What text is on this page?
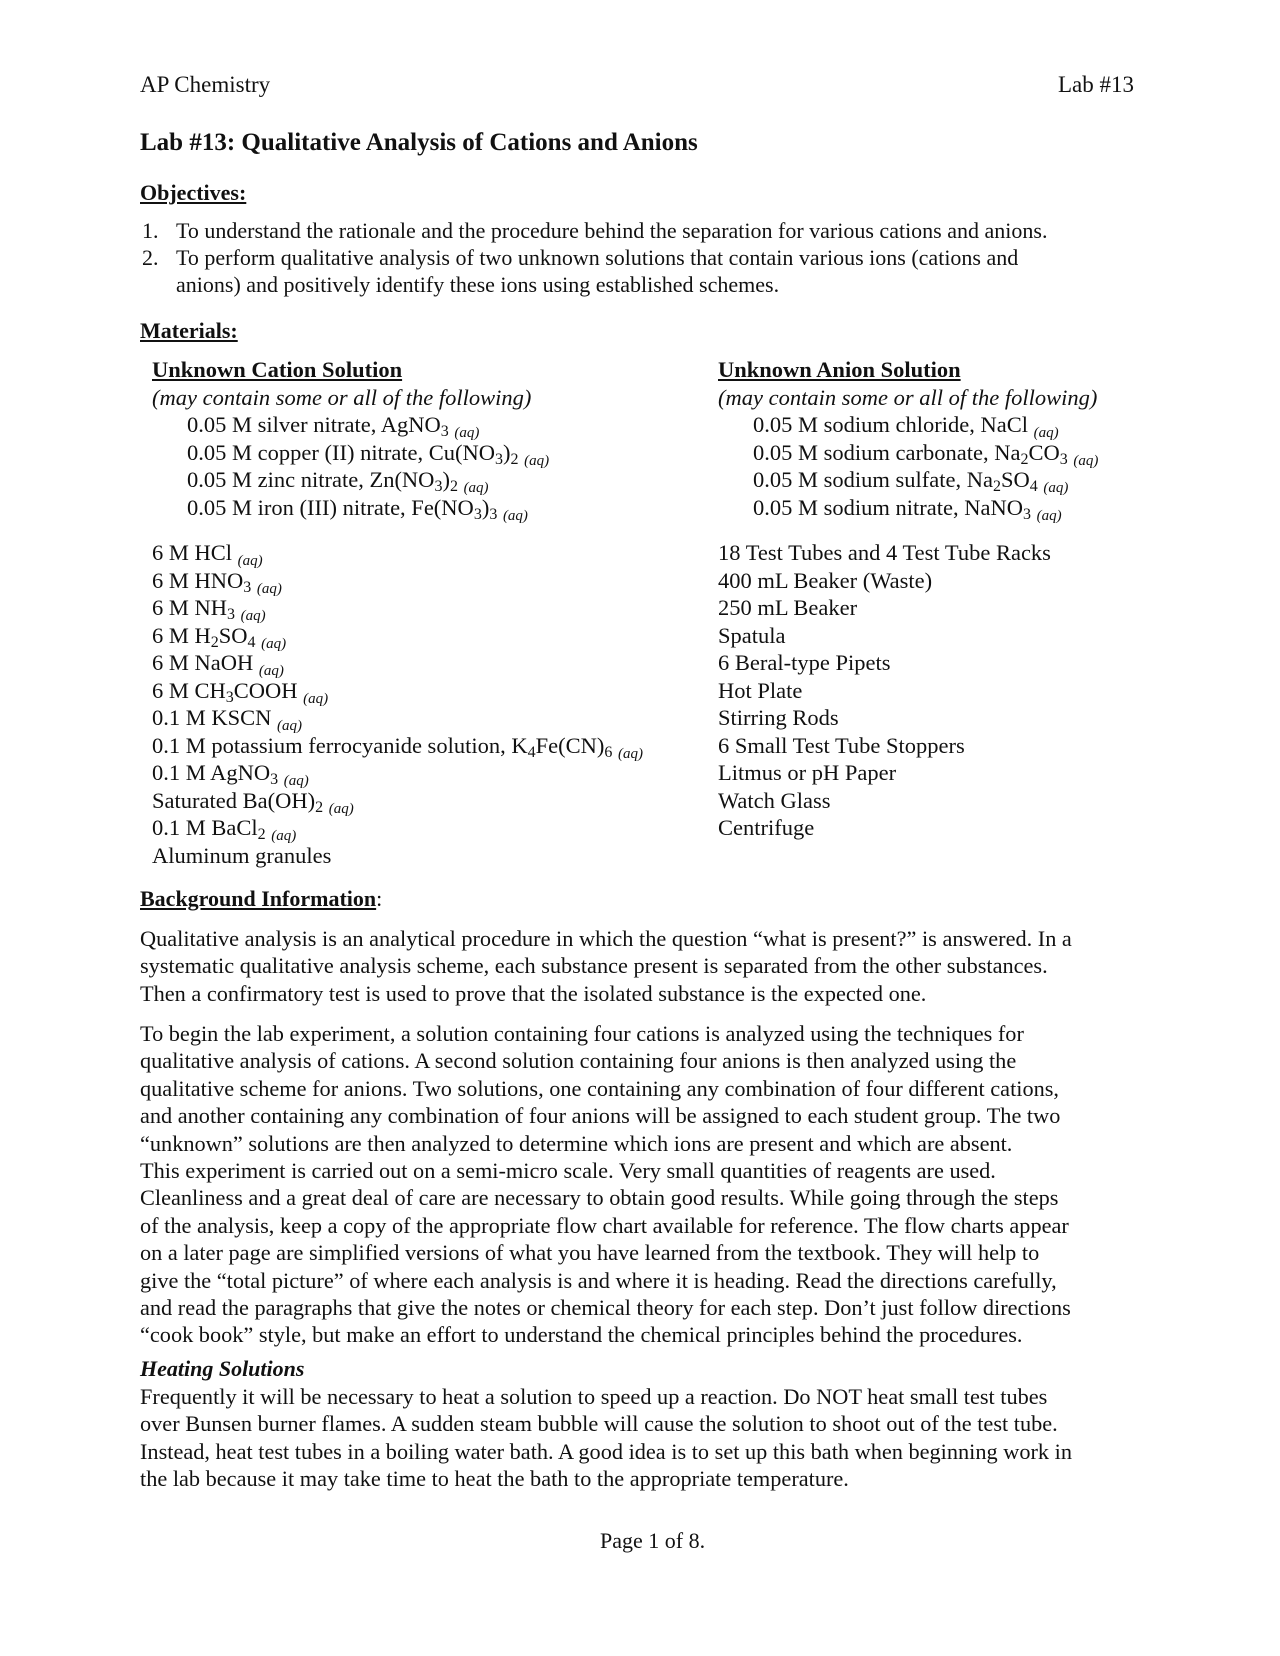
AP Chemistry	Lab #13
Lab #13: Qualitative Analysis of Cations and Anions
Objectives:
1. To understand the rationale and the procedure behind the separation for various cations and anions.
2. To perform qualitative analysis of two unknown solutions that contain various ions (cations and
anions) and positively identify these ions using established schemes.
Materials:
Unknown Cation Solution
(may contain some or all of the following)
0.05 M silver nitrate, AgNO$_3$ $_{(aq)}$
0.05 M copper (II) nitrate, $Cu(NO_3)_2$ $_{(aq)}$
0.05 M zinc nitrate, $Zn(NO_3)_2$ $_{(aq)}$
0.05 M iron (III) nitrate, $Fe(NO_3)_3$ $_{(aq)}$
Unknown Anion Solution
(may contain some or all of the following)
0.05 M sodium chloride, NaCl $_{(aq)}$
0.05 M sodium carbonate, $Na_2CO_3$ $_{(aq)}$
0.05 M sodium sulfate, $Na_2SO_4$ $_{(aq)}$
0.05 M sodium nitrate, NaNO$_3$ $_{(aq)}$
6 M HCl $_{(aq)}$
6 M $HNO_3$ $_{(aq)}$
6 M $NH_3$ $_{(aq)}$
6 M $H_2SO_4$ $_{(aq)}$
6 M NaOH $_{(aq)}$
6 M $CH_3COOH$ $_{(aq)}$
0.1 M KSCN $_{(aq)}$
0.1 M potassium ferrocyanide solution, $K_4Fe(CN)_6$ $_{(aq)}$
0.1 M AgNO$_3$ $_{(aq)}$
Saturated $Ba(OH)_2$ $_{(aq)}$
0.1 M BaCl$_2$ $_{(aq)}$
Aluminum granules
18 Test Tubes and 4 Test Tube Racks
400 mL Beaker (Waste)
250 mL Beaker
Spatula
6 Beral-type Pipets
Hot Plate
Stirring Rods
6 Small Test Tube Stoppers
Litmus or pH Paper
Watch Glass
Centrifuge
Background Information:

Qualitative analysis is an analytical procedure in which the question “what is present?” is answered. In a

systematic qualitative analysis scheme, each substance present is separated from the other substances.

Then a confirmatory test is used to prove that the isolated substance is the expected one.

To begin the lab experiment, a solution containing four cations is analyzed using the techniques for

qualitative analysis of cations. A second solution containing four anions is then analyzed using the

qualitative scheme for anions. Two solutions, one containing any combination of four different cations,

and another containing any combination of four anions will be assigned to each student group. The two

“unknown” solutions are then analyzed to determine which ions are present and which are absent.

This experiment is carried out on a semi-micro scale. Very small quantities of reagents are used.

Cleanliness and a great deal of care are necessary to obtain good results. While going through the steps

of the analysis, keep a copy of the appropriate flow chart available for reference. The flow charts appear

on a later page are simplified versions of what you have learned from the textbook. They will help to

give the “total picture” of where each analysis is and where it is heading. Read the directions carefully,

and read the paragraphs that give the notes or chemical theory for each step. Don’t just follow directions

“cook book” style, but make an effort to understand the chemical principles behind the procedures.

Heating Solutions

Frequently it will be necessary to heat a solution to speed up a reaction. Do NOT heat small test tubes

over Bunsen burner flames. A sudden steam bubble will cause the solution to shoot out of the test tube.

Instead, heat test tubes in a boiling water bath. A good idea is to set up this bath when beginning work in

the lab because it may take time to heat the bath to the appropriate temperature.

Page 1 of 8.
